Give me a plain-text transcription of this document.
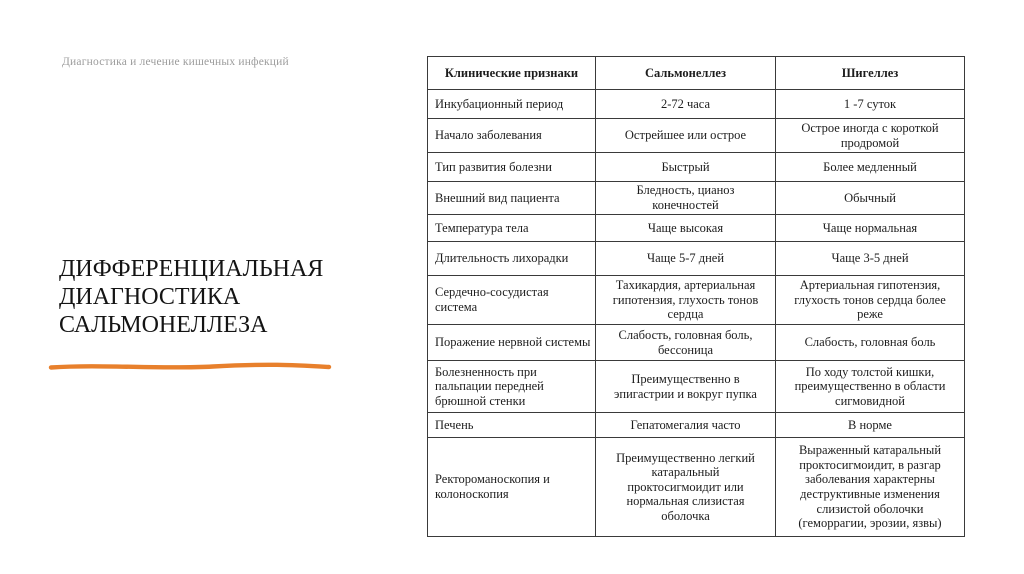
Диагностика и лечение кишечных инфекций
ДИФФЕРЕНЦИАЛЬНАЯ ДИАГНОСТИКА САЛЬМОНЕЛЛЕЗА
Клинические признаки	Сальмонеллез	Шигеллез
Инкубационный период	2-72 часа	1 -7 суток
Начало заболевания	Острейшее или острое	Острое иногда с короткой продромой
Тип развития болезни	Быстрый	Более медленный
Внешний вид пациента	Бледность, цианоз конечностей	Обычный
Температура тела	Чаще высокая	Чаще нормальная
Длительность лихорадки	Чаще 5-7 дней	Чаще 3-5 дней
Сердечно-сосудистая система	Тахикардия, артериальная гипотензия, глухость тонов сердца	Артериальная гипотензия, глухость тонов сердца более реже
Поражение нервной системы	Слабость, головная боль, бессоница	Слабость, головная боль
Болезненность при пальпации передней брюшной стенки	Преимущественно в эпигастрии и вокруг пупка	По ходу толстой кишки, преимущественно в области сигмовидной
Печень	Гепатомегалия часто	В норме
Ректороманоскопия и колоноскопия	Преимущественно легкий катаральный проктосигмоидит или нормальная слизистая оболочка	Выраженный катаральный проктосигмоидит, в разгар заболевания характерны деструктивные изменения слизистой оболочки (геморрагии, эрозии, язвы)
